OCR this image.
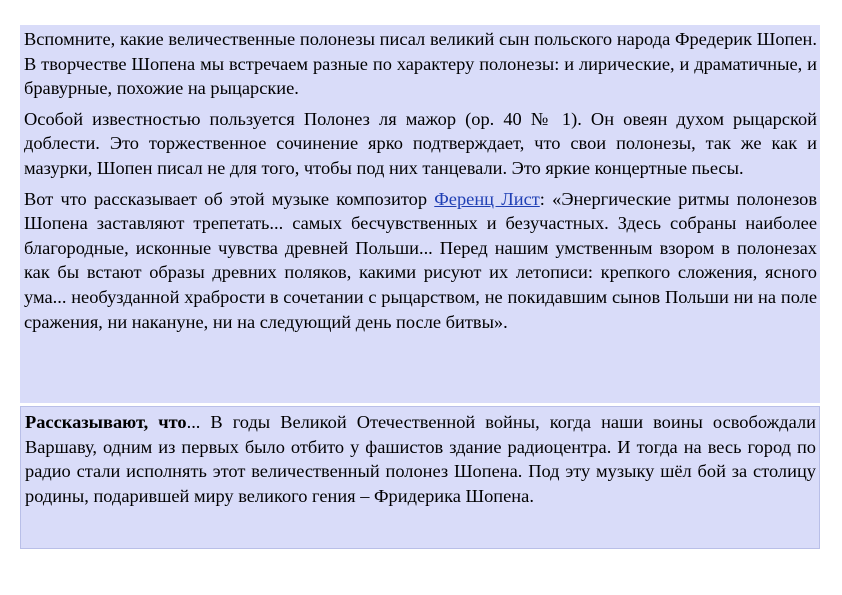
Вспомните, какие величественные полонезы писал великий сын польского народа Фредерик Шопен. В творчестве Шопена мы встречаем разные по характеру полонезы: и лирические, и драматичные, и бравурные, похожие на рыцарские.

Особой известностью пользуется Полонез ля мажор (ор. 40 № 1). Он овеян духом рыцарской доблести. Это торжественное сочинение ярко подтверждает, что свои полонезы, так же как и мазурки, Шопен писал не для того, чтобы под них танцевали. Это яркие концертные пьесы.

Вот что рассказывает об этой музыке композитор Ференц Лист: «Энергические ритмы полонезов Шопена заставляют трепетать... самых бесчувственных и безучастных. Здесь собраны наиболее благородные, исконные чувства древней Польши... Перед нашим умственным взором в полонезах как бы встают образы древних поляков, какими рисуют их летописи: крепкого сложения, ясного ума... необузданной храбрости в сочетании с рыцарством, не покидавшим сынов Польши ни на поле сражения, ни накануне, ни на следующий день после битвы».

Рассказывают, что... В годы Великой Отечественной войны, когда наши воины освобождали Варшаву, одним из первых было отбито у фашистов здание радиоцентра. И тогда на весь город по радио стали исполнять этот величественный полонез Шопена. Под эту музыку шёл бой за столицу родины, подарившей миру великого гения – Фридерика Шопена.
